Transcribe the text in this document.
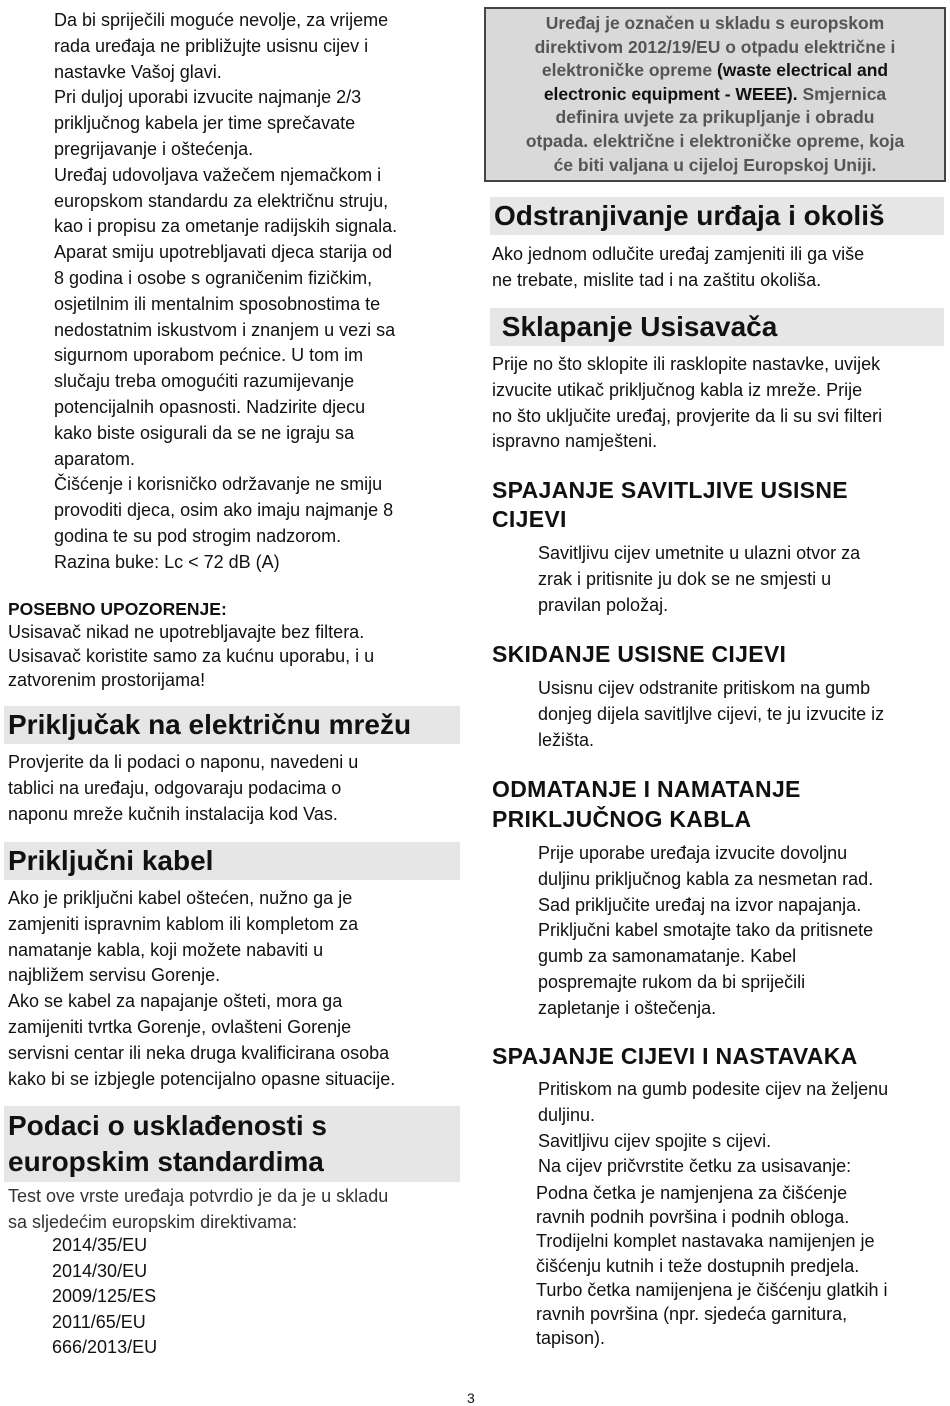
Da bi spriječili moguće nevolje, za vrijeme
rada uređaja ne približujte usisnu cijev i
nastavke Vašoj glavi.

Pri duljoj uporabi izvucite najmanje 2/3
priključnog kabela jer time sprečavate
pregrijavanje i oštećenja.

Uređaj udovoljava važečem njemačkom i
europskom standardu za električnu struju,
kao i propisu za ometanje radijskih signala.

Aparat smiju upotrebljavati djeca starija od
8 godina i osobe s ograničenim fizičkim,
osjetilnim ili mentalnim sposobnostima te
nedostatnim iskustvom i znanjem u vezi sa
sigurnom uporabom pećnice. U tom im
slučaju treba omogućiti razumijevanje
potencijalnih opasnosti. Nadzirite djecu
kako biste osigurali da se ne igraju sa
aparatom.

Čišćenje i korisničko održavanje ne smiju
provoditi djeca, osim ako imaju najmanje 8
godina te su pod strogim nadzorom.

Razina buke: Lc < 72 dB (A)

POSEBNO UPOZORENJE:

Usisavač nikad ne upotrebljavajte bez filtera.
Usisavač koristite samo za kućnu uporabu, i u
zatvorenim prostorijama!

Priključak na električnu mrežu

Provjerite da li podaci o naponu, navedeni u
tablici na uređaju, odgovaraju podacima o
naponu mreže kučnih instalacija kod Vas.

Priključni kabel

Ako je priključni kabel oštećen, nužno ga je
zamjeniti ispravnim kablom ili kompletom za
namatanje kabla, koji možete nabaviti u
najbližem servisu Gorenje.
Ako se kabel za napajanje ošteti, mora ga
zamijeniti tvrtka Gorenje, ovlašteni Gorenje
servisni centar ili neka druga kvalificirana osoba
kako bi se izbjegle potencijalno opasne situacije.

Podaci o usklađenosti s
europskim standardima

Test ove vrste uređaja potvrdio je da je u skladu
sa sljedećim europskim direktivama:

2014/35/EU
2014/30/EU
2009/125/ES
2011/65/EU
666/2013/EU
Uređaj je označen u skladu s europskom
direktivom 2012/19/EU o otpadu električne i
elektroničke opreme (waste electrical and
electronic equipment - WEEE). Smjernica
definira uvjete za prikupljanje i obradu
otpada. električne i elektroničke opreme, koja
će biti valjana u cijeloj Europskoj Uniji.
Odstranjivanje urđaja i okoliš

Ako jednom odlučite uređaj zamjeniti ili ga više
ne trebate, mislite tad i na zaštitu okoliša.

Sklapanje Usisavača

Prije no što sklopite ili rasklopite nastavke, uvijek
izvucite utikač priključnog kabla iz mreže. Prije
no što uključite uređaj, provjerite da li su svi filteri
ispravno namješteni.

SPAJANJE SAVITLJIVE USISNE
CIJEVI

Savitljivu cijev umetnite u ulazni otvor za
zrak i pritisnite ju dok se ne smjesti u
pravilan položaj.

SKIDANJE USISNE CIJEVI

Usisnu cijev odstranite pritiskom na gumb
donjeg dijela savitljlve cijevi, te ju izvucite iz
ležišta.

ODMATANJE I NAMATANJE
PRIKLJUČNOG KABLA

Prije uporabe uređaja izvucite dovoljnu
duljinu priključnog kabla za nesmetan rad.
Sad priključite uređaj na izvor napajanja.
Priključni kabel smotajte tako da pritisnete
gumb za samonamatanje. Kabel
pospremajte rukom da bi spriječili
zapletanje i oštečenja.

SPAJANJE CIJEVI I NASTAVAKA

Pritiskom na gumb podesite cijev na željenu
duljinu.
Savitljivu cijev spojite s cijevi.
Na cijev pričvrstite četku za usisavanje:

Podna četka je namjenjena za čišćenje
ravnih podnih površina i podnih obloga.
Trodijelni komplet nastavaka namijenjen je
čišćenju kutnih i teže dostupnih predjela.
Turbo četka namijenjena je čišćenju glatkih i
ravnih površina (npr. sjedeća garnitura,
tapison).

3
